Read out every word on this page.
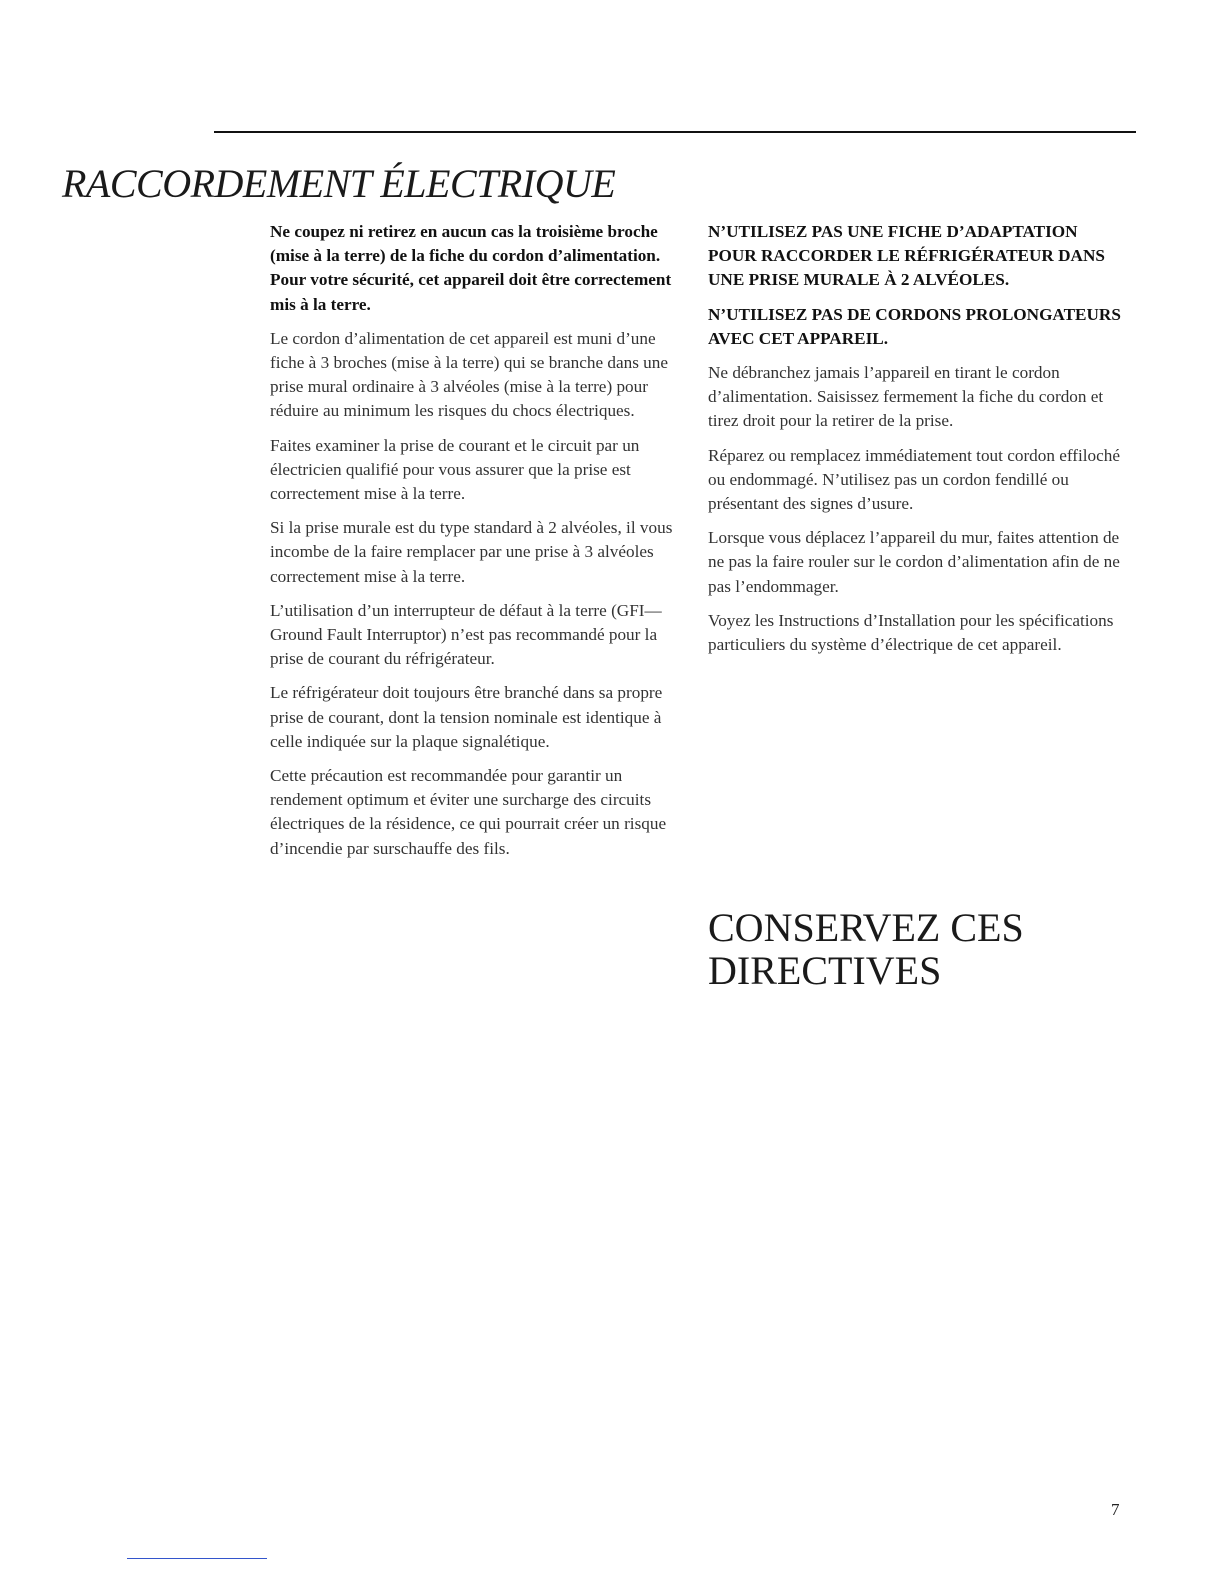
RACCORDEMENT ÉLECTRIQUE

Ne coupez ni retirez en aucun cas la troisième broche (mise à la terre) de la fiche du cordon d’alimentation. Pour votre sécurité, cet appareil doit être correctement mis à la terre.

Le cordon d’alimentation de cet appareil est muni d’une fiche à 3 broches (mise à la terre) qui se branche dans une prise mural ordinaire à 3 alvéoles (mise à la terre) pour réduire au minimum les risques du chocs électriques.

Faites examiner la prise de courant et le circuit par un électricien qualifié pour vous assurer que la prise est correctement mise à la terre.

Si la prise murale est du type standard à 2 alvéoles, il vous incombe de la faire remplacer par une prise à 3 alvéoles correctement mise à la terre.

L’utilisation d’un interrupteur de défaut à la terre (GFI—Ground Fault Interruptor) n’est pas recommandé pour la prise de courant du réfrigérateur.

Le réfrigérateur doit toujours être branché dans sa propre prise de courant, dont la tension nominale est identique à celle indiquée sur la plaque signalétique.

Cette précaution est recommandée pour garantir un rendement optimum et éviter une surcharge des circuits électriques de la résidence, ce qui pourrait créer un risque d’incendie par surschauffe des fils.

N’UTILISEZ PAS UNE FICHE D’ADAPTATION POUR RACCORDER LE RÉFRIGÉRATEUR DANS UNE PRISE MURALE À 2 ALVÉOLES.

N’UTILISEZ PAS DE CORDONS PROLONGATEURS AVEC CET APPAREIL.

Ne débranchez jamais l’appareil en tirant le cordon d’alimentation. Saisissez fermement la fiche du cordon et tirez droit pour la retirer de la prise.

Réparez ou remplacez immédiatement tout cordon effiloché ou endommagé. N’utilisez pas un cordon fendillé ou présentant des signes d’usure.

Lorsque vous déplacez l’appareil du mur, faites attention de ne pas la faire rouler sur le cordon d’alimentation afin de ne pas l’endommager.

Voyez les Instructions d’Installation pour les spécifications particuliers du système d’électrique de cet appareil.

CONSERVEZ CES DIRECTIVES
7
